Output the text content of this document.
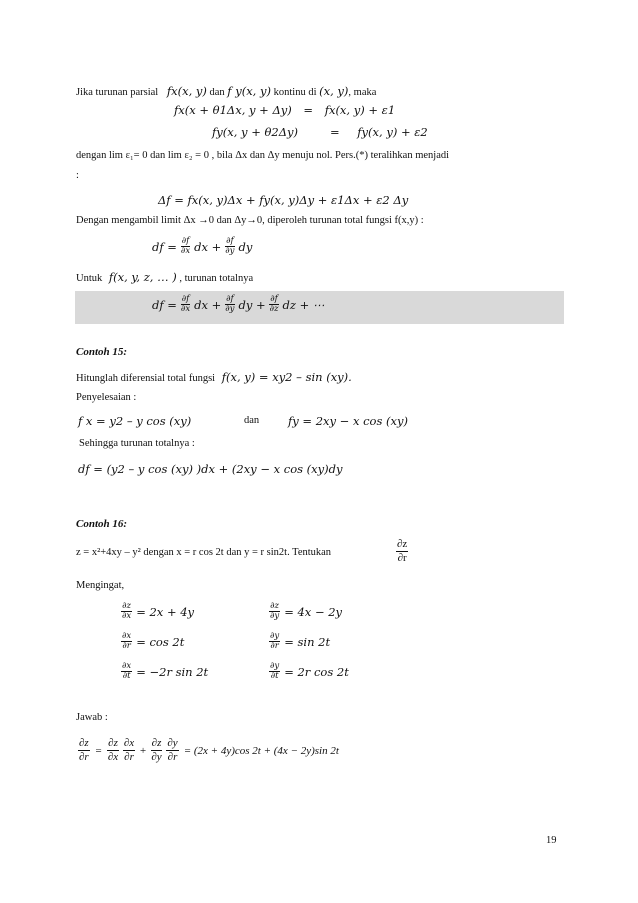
Jika turunan parsial fx(x, y) dan f y(x, y) kontinu di (x, y), maka
fx(x + θ1Δx, y + Δy) = fx(x, y) + ε1
fy(x, y + θ2Δy)	= fy(x, y) + ε2
dengan lim ε₁= 0 dan lim ε₂ = 0 , bila Δx dan Δy menuju nol. Pers.(*) teralihkan menjadi
:
Δf = fx(x, y)Δx + fy(x, y)Δy + ε1Δx + ε2 Δy
Dengan mengambil limit Δx →0 dan Δy→0, diperoleh turunan total fungsi f(x,y) :
df = $\frac{\partial f}{\partial x}$ dx + $\frac{\partial f}{\partial y}$ dy
Untuk f(x, y, z, … ) , turunan totalnya
df = $\frac{\partial f}{\partial x}$ dx + $\frac{\partial f}{\partial y}$ dy + $\frac{\partial f}{\partial z}$ dz + ⋯
Contoh 15:
Hitunglah diferensial total fungsi f(x, y) = xy2 – sin (xy).
Penyelesaian :
f x = y2 – y cos (xy)	dan	fy = 2xy − x cos (xy)
Sehingga turunan totalnya :
df = (y2 – y cos (xy) )dx + (2xy − x cos (xy)dy
Contoh 16:
z = x²+4xy – y² dengan x = r cos 2t dan y = r sin2t. Tentukan	$\frac{\partial z}{\partial r}$
Mengingat,
$\frac{\partial z}{\partial x} = 2x + 4y$	$\frac{\partial z}{\partial y} = 4x - 2y$
$\frac{\partial x}{\partial r} = \cos 2t$	$\frac{\partial y}{\partial r} = \sin 2t$
$\frac{\partial x}{\partial t} = -2r$ sin 2t	$\frac{\partial y}{\partial t} = 2r$ cos 2t
Jawab :
$\frac{\partial z}{\partial r} = \frac{\partial z}{\partial x} \frac{\partial x}{\partial r} + \frac{\partial z}{\partial y} \frac{\partial y}{\partial r} = (2x + 4y)\cos$ 2t + (4x − 2y)sin 2t
19
